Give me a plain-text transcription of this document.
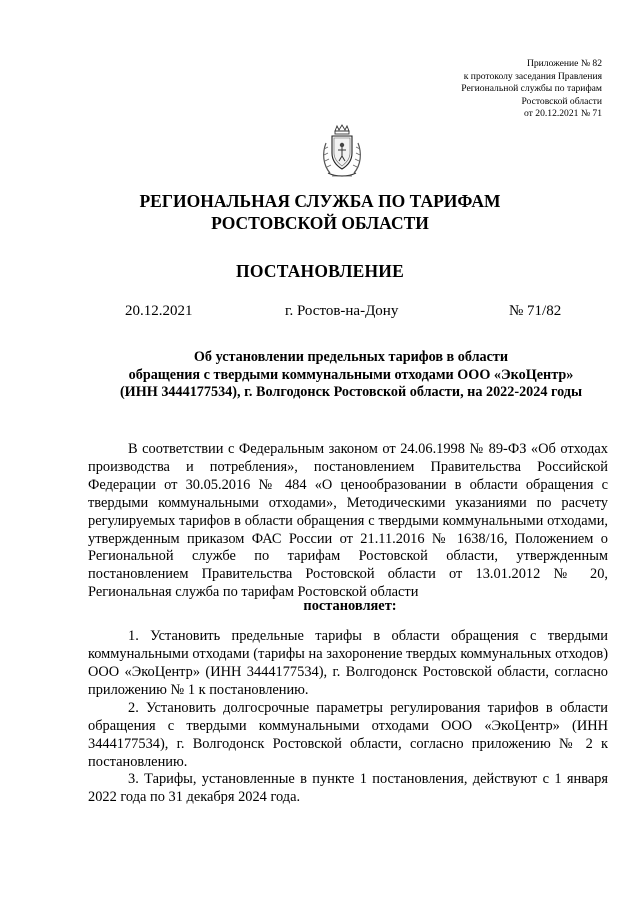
Приложение № 82
к протоколу заседания Правления
Региональной службы по тарифам
Ростовской области
от 20.12.2021 № 71
РЕГИОНАЛЬНАЯ СЛУЖБА ПО ТАРИФАМ
РОСТОВСКОЙ ОБЛАСТИ
ПОСТАНОВЛЕНИЕ
20.12.2021	г. Ростов-на-Дону	№ 71/82
Об установлении предельных тарифов в области
обращения с твердыми коммунальными отходами ООО «ЭкоЦентр»
(ИНН 3444177534), г. Волгодонск Ростовской области, на 2022-2024 годы
В соответствии с Федеральным законом от 24.06.1998 № 89-ФЗ «Об отходах производства и потребления», постановлением Правительства Российской Федерации от 30.05.2016 № 484 «О ценообразовании в области обращения с твердыми коммунальными отходами», Методическими указаниями по расчету регулируемых тарифов в области обращения с твердыми коммунальными отходами, утвержденным приказом ФАС России от 21.11.2016 № 1638/16, Положением о Региональной службе по тарифам Ростовской области, утвержденным постановлением Правительства Ростовской области от 13.01.2012 № 20, Региональная служба по тарифам Ростовской области
постановляет:
1. Установить предельные тарифы в области обращения с твердыми коммунальными отходами (тарифы на захоронение твердых коммунальных отходов) ООО «ЭкоЦентр» (ИНН 3444177534), г. Волгодонск Ростовской области, согласно приложению № 1 к постановлению.
2. Установить долгосрочные параметры регулирования тарифов в области обращения с твердыми коммунальными отходами ООО «ЭкоЦентр» (ИНН 3444177534), г. Волгодонск Ростовской области, согласно приложению № 2 к постановлению.
3. Тарифы, установленные в пункте 1 постановления, действуют с 1 января 2022 года по 31 декабря 2024 года.
